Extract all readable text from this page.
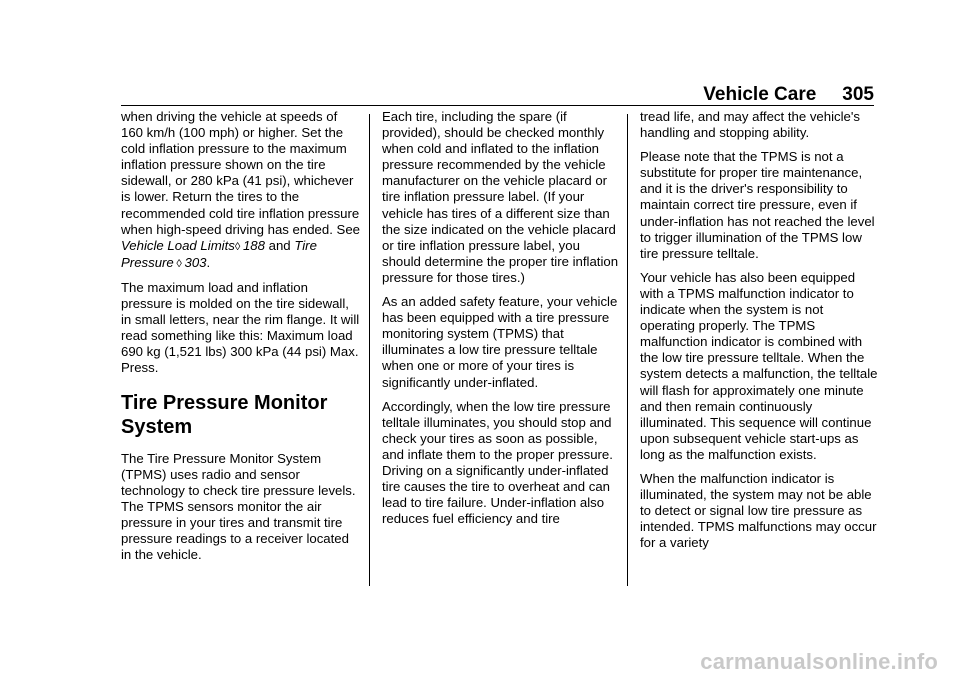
Vehicle Care 305

when driving the vehicle at speeds of 160 km/h (100 mph) or higher. Set the cold inflation pressure to the maximum inflation pressure shown on the tire sidewall, or 280 kPa (41 psi), whichever is lower. Return the tires to the recommended cold tire inflation pressure when high-speed driving has ended. See Vehicle Load Limits◊  188 and Tire Pressure  ◊  303.

The maximum load and inflation pressure is molded on the tire sidewall, in small letters, near the rim flange. It will read something like this: Maximum load 690 kg (1,521 lbs) 300 kPa (44 psi) Max. Press.

Tire Pressure Monitor System

The Tire Pressure Monitor System (TPMS) uses radio and sensor technology to check tire pressure levels. The TPMS sensors monitor the air pressure in your tires and transmit tire pressure readings to a receiver located in the vehicle.

Each tire, including the spare (if provided), should be checked monthly when cold and inflated to the inflation pressure recommended by the vehicle manufacturer on the vehicle placard or tire inflation pressure label. (If your vehicle has tires of a different size than the size indicated on the vehicle placard or tire inflation pressure label, you should determine the proper tire inflation pressure for those tires.)

As an added safety feature, your vehicle has been equipped with a tire pressure monitoring system (TPMS) that illuminates a low tire pressure telltale when one or more of your tires is significantly under-inflated.

Accordingly, when the low tire pressure telltale illuminates, you should stop and check your tires as soon as possible, and inflate them to the proper pressure. Driving on a significantly under-inflated tire causes the tire to overheat and can lead to tire failure. Under-inflation also reduces fuel efficiency and tire

tread life, and may affect the vehicle's handling and stopping ability.

Please note that the TPMS is not a substitute for proper tire maintenance, and it is the driver's responsibility to maintain correct tire pressure, even if under-inflation has not reached the level to trigger illumination of the TPMS low tire pressure telltale.

Your vehicle has also been equipped with a TPMS malfunction indicator to indicate when the system is not operating properly. The TPMS malfunction indicator is combined with the low tire pressure telltale. When the system detects a malfunction, the telltale will flash for approximately one minute and then remain continuously illuminated. This sequence will continue upon subsequent vehicle start-ups as long as the malfunction exists.

When the malfunction indicator is illuminated, the system may not be able to detect or signal low tire pressure as intended. TPMS malfunctions may occur for a variety

carmanualsonline.info
